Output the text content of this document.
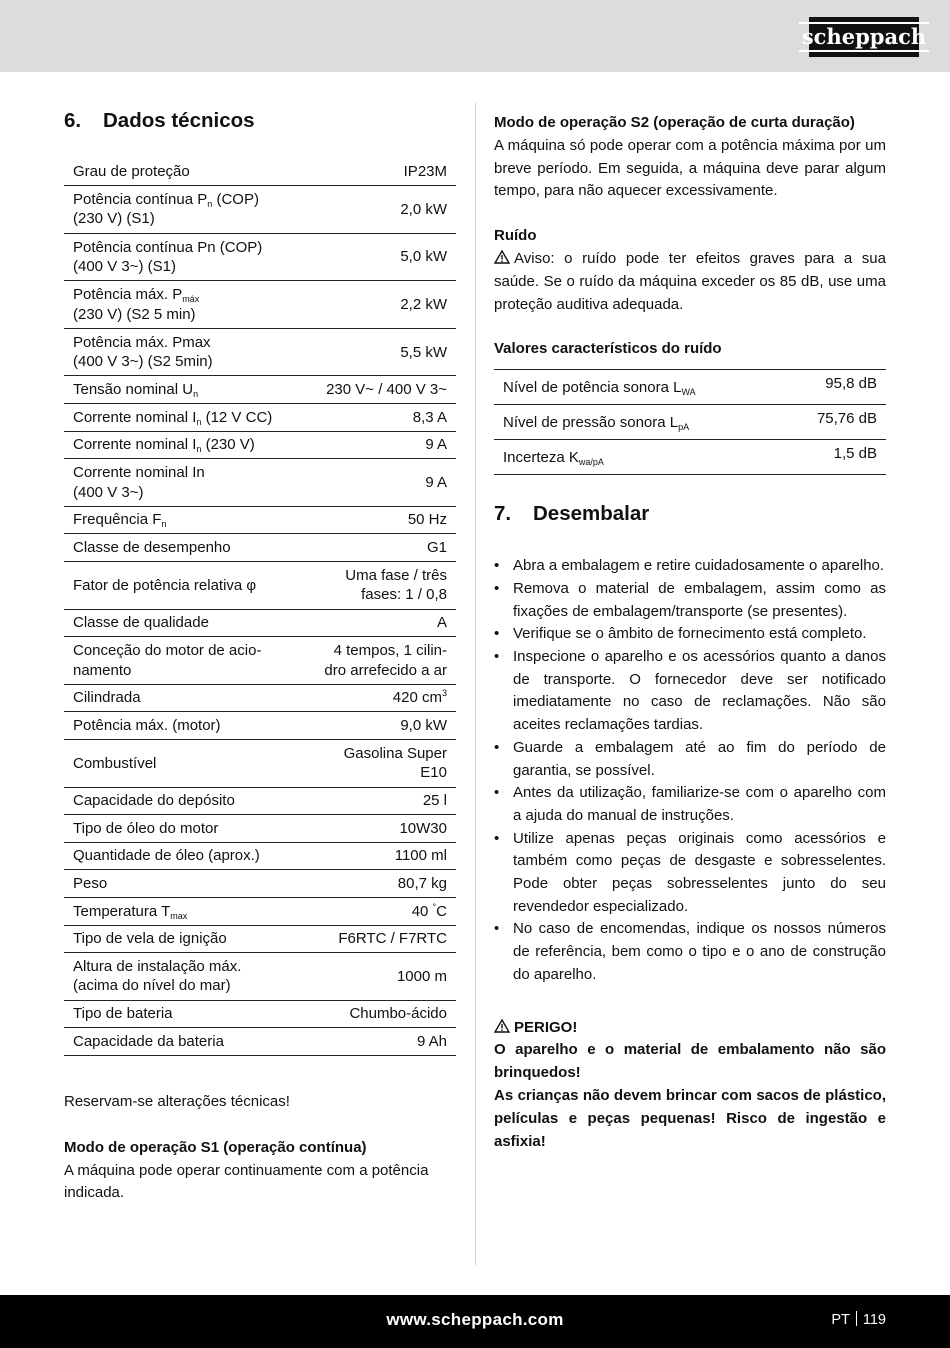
scheppach
6.	Dados técnicos
Grau de proteção	IP23M
Potência contínua $P_n$ (COP)
(230 V) (S1)	2,0 kW
Potência contínua Pn (COP)
(400 V 3~) (S1)	5,0 kW
Potência máx. $P_{máx}$
(230 V) (S2 5 min)	2,2 kW
Potência máx. Pmax
(400 V 3~) (S2 5min)	5,5 kW
Tensão nominal $U_n$	230 V~ / 400 V 3~
Corrente nominal $I_n$ (12 V CC)	8,3 A
Corrente nominal $I_n$ (230 V)	9 A
Corrente nominal In
(400 V 3~)	9 A
Frequência $F_n$	50 Hz
Classe de desempenho	G1
Fator de potência relativa φ	Uma fase / três
fases: 1 / 0,8
Classe de qualidade	A
Conceção do motor de acio-
namento	4 tempos, 1 cilin-
dro arrefecido a ar
Cilindrada	420 $cm^3$
Potência máx. (motor)	9,0 kW
Combustível	Gasolina Super
E10
Capacidade do depósito	25 l
Tipo de óleo do motor	10W30
Quantidade de óleo (aprox.)	1100 ml
Peso	80,7 kg
Temperatura $T_{max}$	40 °C
Tipo de vela de ignição	F6RTC / F7RTC
Altura de instalação máx.
(acima do nível do mar)	1000 m
Tipo de bateria	Chumbo-ácido
Capacidade da bateria	9 Ah
Reservam-se alterações técnicas!
Modo de operação S1 (operação contínua)
A máquina pode operar continuamente com a potência indicada.
Modo de operação S2 (operação de curta duração)
A máquina só pode operar com a potência máxima por um breve período. Em seguida, a máquina deve parar algum tempo, para não aquecer excessivamente.
Ruído
Aviso: o ruído pode ter efeitos graves para a sua saúde. Se o ruído da máquina exceder os 85 dB, use uma proteção auditiva adequada.
Valores característicos do ruído
Nível de potência sonora $L_{WA}$	95,8 dB
Nível de pressão sonora $L_{pA}$	75,76 dB
Incerteza $K_{wa/pA}$	1,5 dB
7.	Desembalar
• Abra a embalagem e retire cuidadosamente o aparelho.
• Remova o material de embalagem, assim como as fixações de embalagem/transporte (se presentes).
• Verifique se o âmbito de fornecimento está completo.
• Inspecione o aparelho e os acessórios quanto a danos de transporte. O fornecedor deve ser notificado imediatamente no caso de reclamações. Não são aceites reclamações tardias.
• Guarde a embalagem até ao fim do período de garantia, se possível.
• Antes da utilização, familiarize-se com o aparelho com a ajuda do manual de instruções.
• Utilize apenas peças originais como acessórios e também como peças de desgaste e sobresselentes. Pode obter peças sobresselentes junto do seu revendedor especializado.
• No caso de encomendas, indique os nossos números de referência, bem como o tipo e o ano de construção do aparelho.
PERIGO!
O aparelho e o material de embalamento não são brinquedos!
As crianças não devem brincar com sacos de plástico, películas e peças pequenas! Risco de ingestão e asfixia!
www.scheppach.com	PT 119
